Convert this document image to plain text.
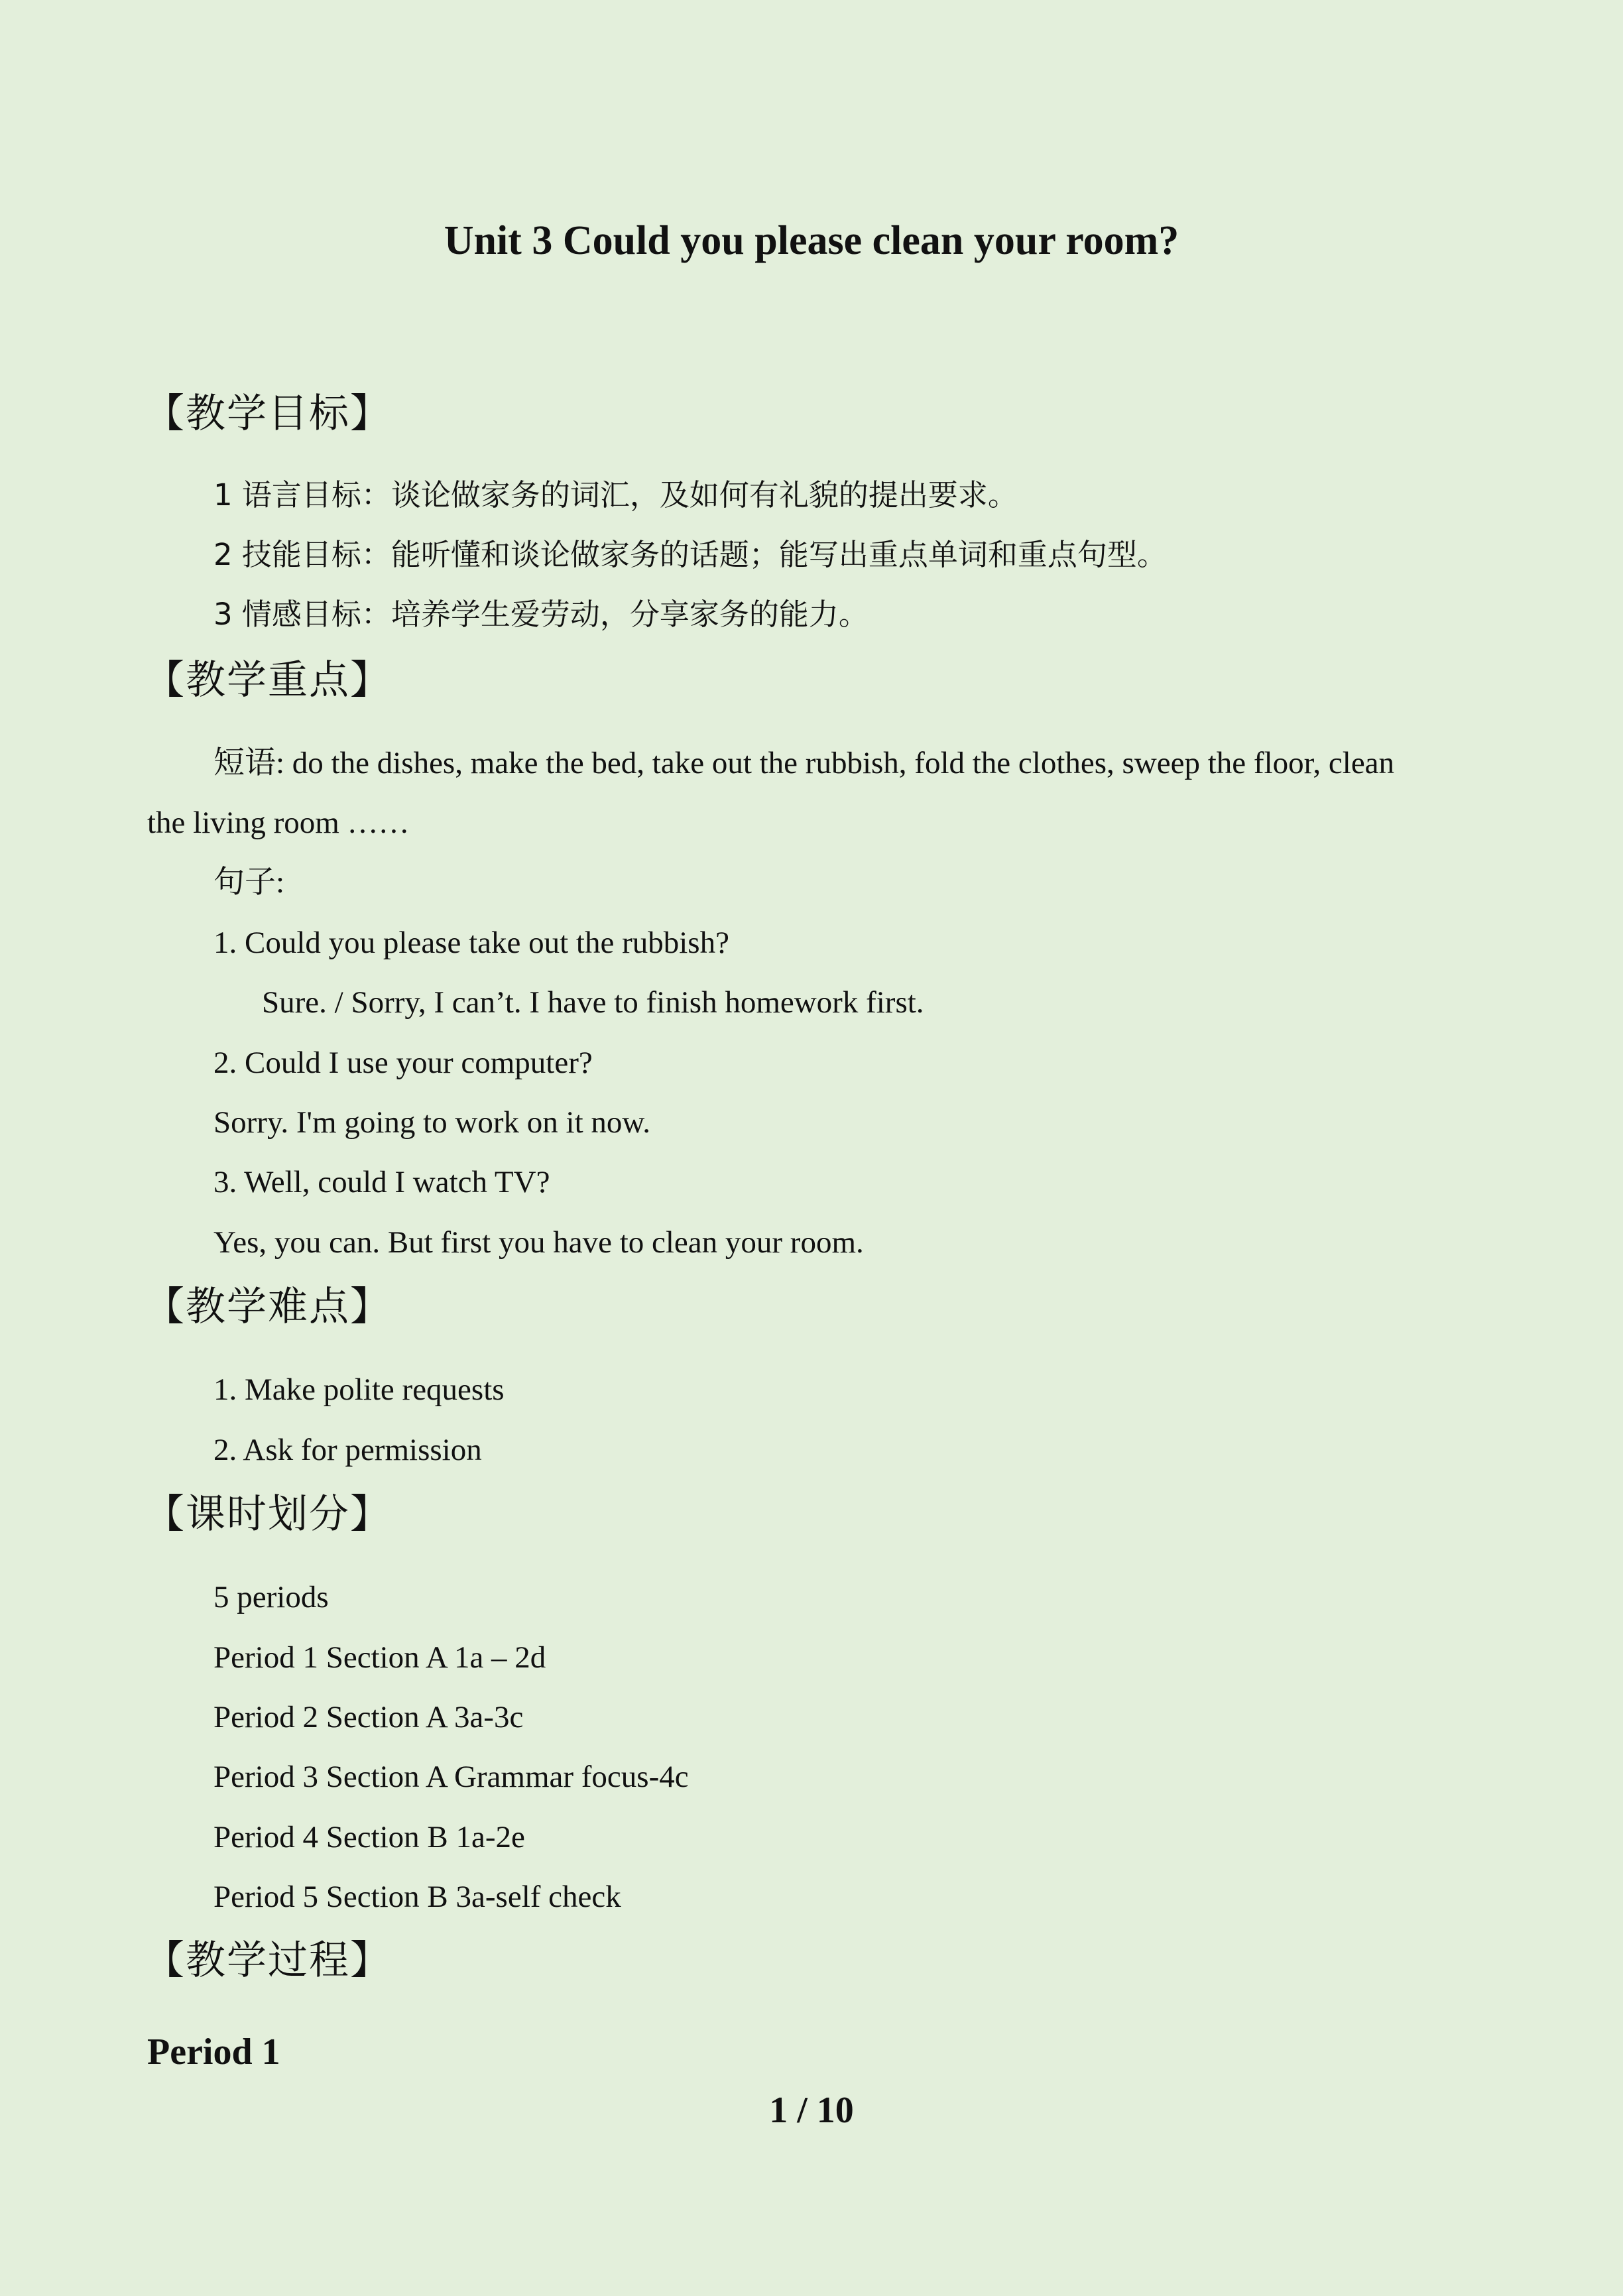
Unit 3 Could you please clean your room?
【教学目标】
1 语言目标：谈论做家务的词汇，及如何有礼貌的提出要求。
2 技能目标：能听懂和谈论做家务的话题；能写出重点单词和重点句型。
3 情感目标：培养学生爱劳动，分享家务的能力。
【教学重点】
短语: do the dishes, make the bed, take out the rubbish, fold the clothes, sweep the floor, clean
the living room ……
句子:
1. Could you please take out the rubbish?
Sure. / Sorry, I can’t. I have to finish homework first.
2. Could I use your computer?
Sorry. I'm going to work on it now.
3. Well, could I watch TV?
Yes, you can. But first you have to clean your room.
【教学难点】
1. Make polite requests
2. Ask for permission
【课时划分】
5 periods
Period 1 Section A 1a – 2d
Period 2 Section A 3a-3c
Period 3 Section A Grammar focus-4c
Period 4 Section B 1a-2e
Period 5 Section B 3a-self check
【教学过程】
Period 1
1 / 10
